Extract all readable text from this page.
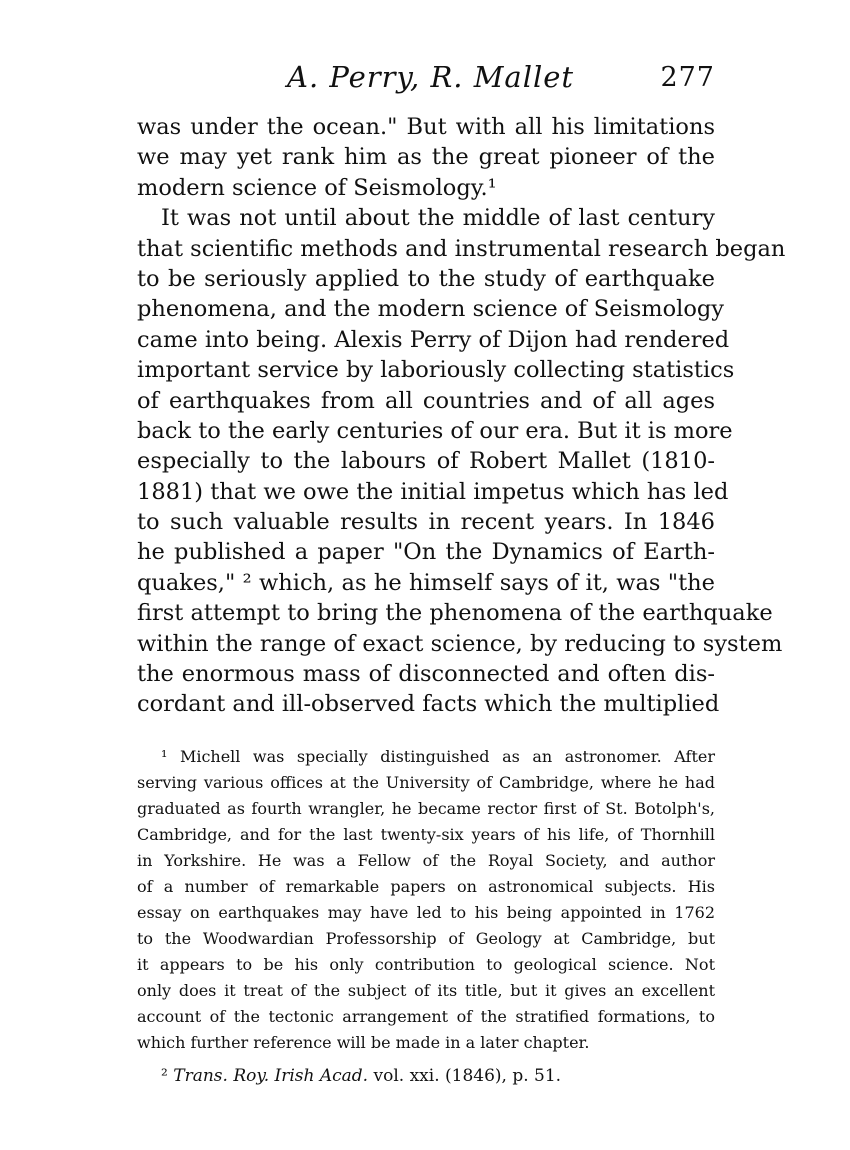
A. Perry, R. Mallet	277
was under the ocean." But with all his limitations
we may yet rank him as the great pioneer of the
modern science of Seismology.¹
It was not until about the middle of last century
that scientific methods and instrumental research began
to be seriously applied to the study of earthquake
phenomena, and the modern science of Seismology
came into being. Alexis Perry of Dijon had rendered
important service by laboriously collecting statistics
of earthquakes from all countries and of all ages
back to the early centuries of our era. But it is more
especially to the labours of Robert Mallet (1810-
1881) that we owe the initial impetus which has led
to such valuable results in recent years. In 1846
he published a paper "On the Dynamics of Earth-
quakes," ² which, as he himself says of it, was "the
first attempt to bring the phenomena of the earthquake
within the range of exact science, by reducing to system
the enormous mass of disconnected and often dis-
cordant and ill-observed facts which the multiplied
¹ Michell was specially distinguished as an astronomer. After
serving various offices at the University of Cambridge, where he had
graduated as fourth wrangler, he became rector first of St. Botolph's,
Cambridge, and for the last twenty-six years of his life, of Thornhill
in Yorkshire. He was a Fellow of the Royal Society, and author
of a number of remarkable papers on astronomical subjects. His
essay on earthquakes may have led to his being appointed in 1762
to the Woodwardian Professorship of Geology at Cambridge, but
it appears to be his only contribution to geological science. Not
only does it treat of the subject of its title, but it gives an excellent
account of the tectonic arrangement of the stratified formations, to
which further reference will be made in a later chapter.
² Trans. Roy. Irish Acad. vol. xxi. (1846), p. 51.
